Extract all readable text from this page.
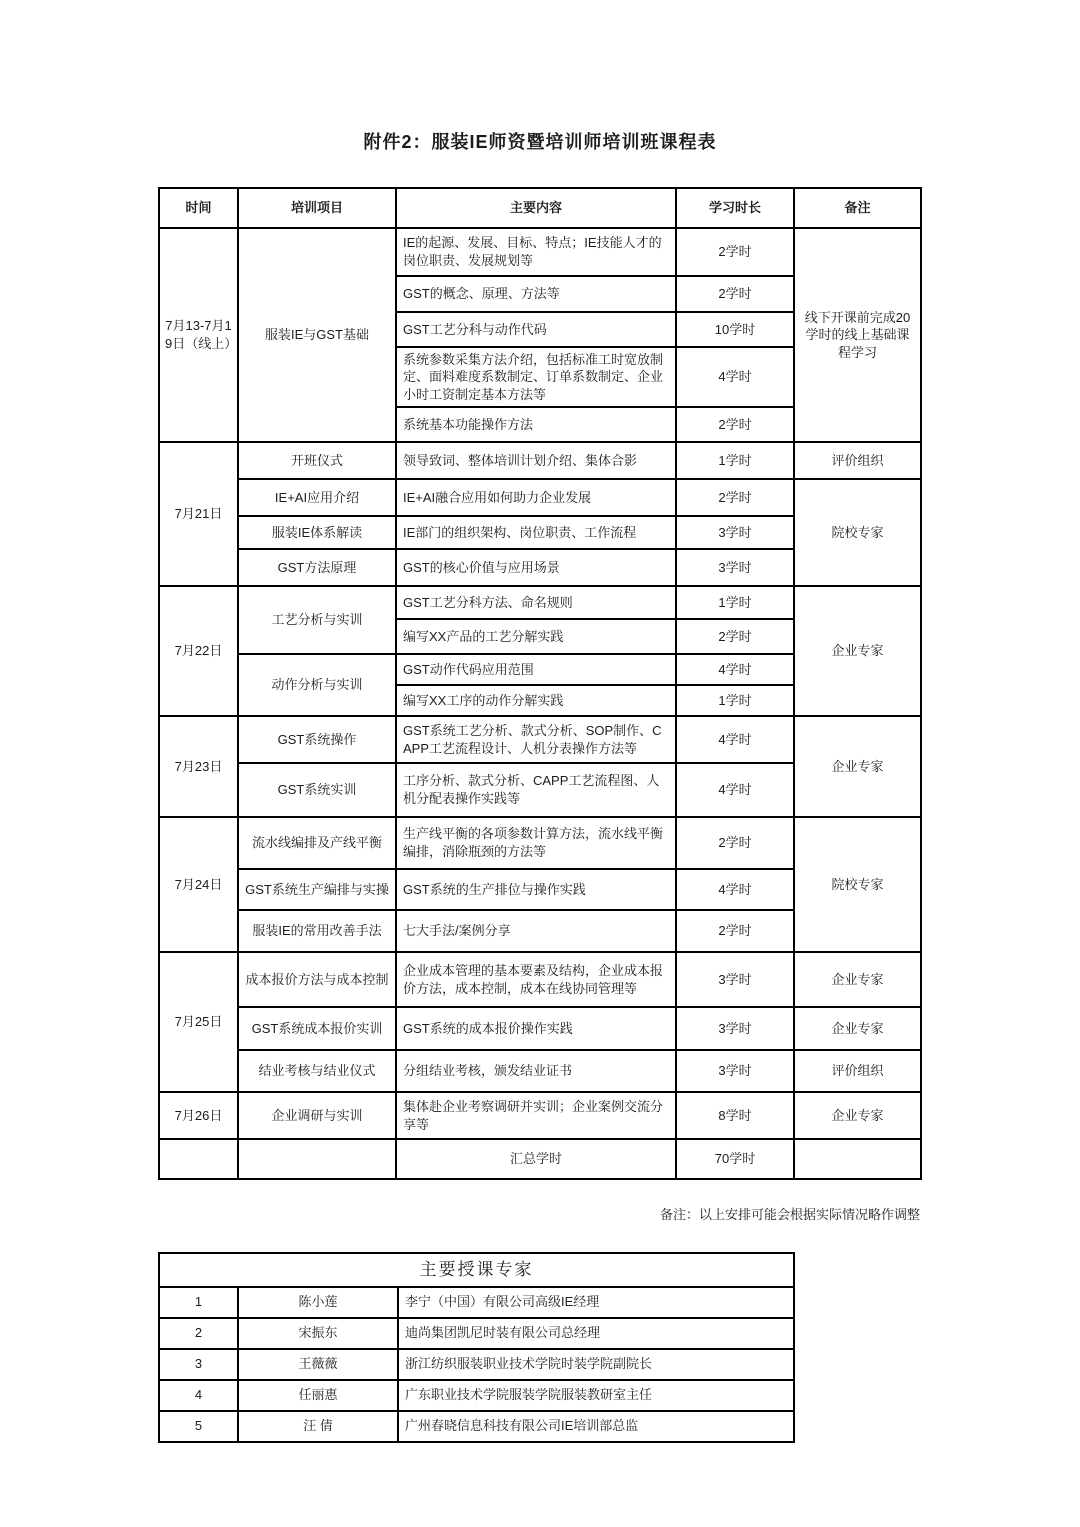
附件2：服装IE师资暨培训师培训班课程表
时间	培训项目	主要内容	学习时长	备注
7月13-7月19日（线上）	服装IE与GST基础	IE的起源、发展、目标、特点；IE技能人才的岗位职责、发展规划等	2学时	线下开课前完成20学时的线上基础课程学习
		GST的概念、原理、方法等	2学时	
		GST工艺分科与动作代码	10学时	
		系统参数采集方法介绍，包括标准工时宽放制定、面料难度系数制定、订单系数制定、企业小时工资制定基本方法等	4学时	
		系统基本功能操作方法	2学时	
7月21日	开班仪式	领导致词、整体培训计划介绍、集体合影	1学时	评价组织
	IE+AI应用介绍	IE+AI融合应用如何助力企业发展	2学时	院校专家
	服装IE体系解读	IE部门的组织架构、岗位职责、工作流程	3学时	
	GST方法原理	GST的核心价值与应用场景	3学时	
7月22日	工艺分析与实训	GST工艺分科方法、命名规则	1学时	企业专家
		编写XX产品的工艺分解实践	2学时	
	动作分析与实训	GST动作代码应用范围	4学时	
		编写XX工序的动作分解实践	1学时	
7月23日	GST系统操作	GST系统工艺分析、款式分析、SOP制作、CAPP工艺流程设计、人机分表操作方法等	4学时	企业专家
	GST系统实训	工序分析、款式分析、CAPP工艺流程图、人机分配表操作实践等	4学时	
7月24日	流水线编排及产线平衡	生产线平衡的各项参数计算方法，流水线平衡编排，消除瓶颈的方法等	2学时	院校专家
	GST系统生产编排与实操	GST系统的生产排位与操作实践	4学时	
	服装IE的常用改善手法	七大手法/案例分享	2学时	
7月25日	成本报价方法与成本控制	企业成本管理的基本要素及结构，企业成本报价方法，成本控制，成本在线协同管理等	3学时	企业专家
	GST系统成本报价实训	GST系统的成本报价操作实践	3学时	企业专家
	结业考核与结业仪式	分组结业考核，颁发结业证书	3学时	评价组织
7月26日	企业调研与实训	集体赴企业考察调研并实训；企业案例交流分享等	8学时	企业专家
		汇总学时	70学时	
备注：以上安排可能会根据实际情况略作调整
主要授课专家		
1	陈小莲	李宁（中国）有限公司高级IE经理
2	宋振东	迪尚集团凯尼时装有限公司总经理
3	王薇薇	浙江纺织服装职业技术学院时装学院副院长
4	任丽惠	广东职业技术学院服装学院服装教研室主任
5	汪 倩	广州春晓信息科技有限公司IE培训部总监
